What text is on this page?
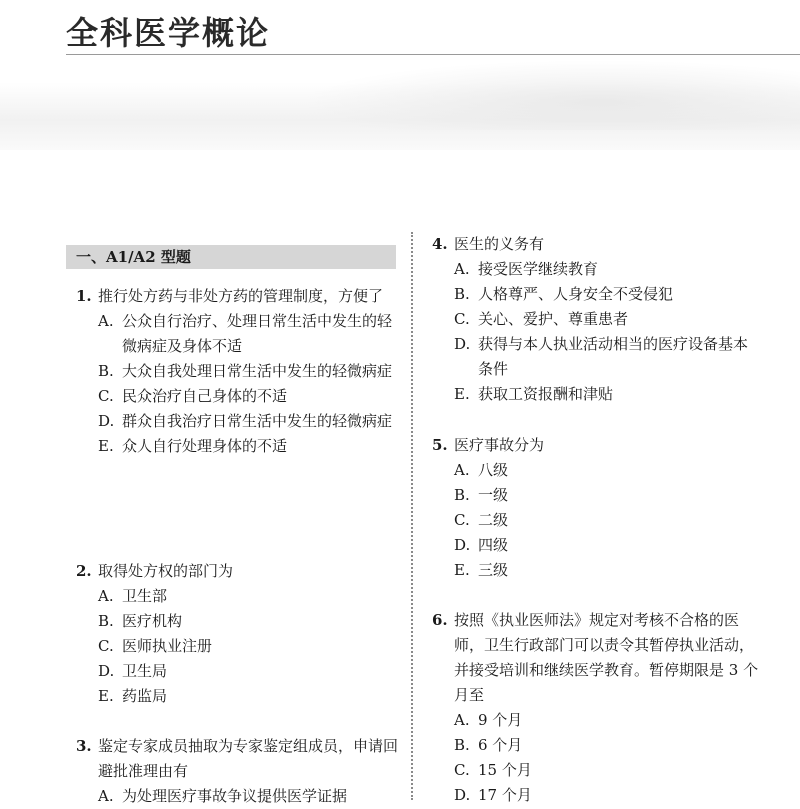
全科医学概论
一、A1/A2 型题

1. 推行处方药与非处方药的管理制度，方便了

A. 公众自行治疗、处理日常生活中发生的轻微病症及身体不适
B. 大众自我处理日常生活中发生的轻微病症
C. 民众治疗自己身体的不适
D. 群众自我治疗日常生活中发生的轻微病症
E. 众人自行处理身体的不适

2. 取得处方权的部门为

A. 卫生部
B. 医疗机构
C. 医师执业注册
D. 卫生局
E. 药监局

3. 鉴定专家成员抽取为专家鉴定组成员，申请回避批准理由有

A. 为处理医疗事故争议提供医学证据

4. 医生的义务有

A. 接受医学继续教育
B. 人格尊严、人身安全不受侵犯
C. 关心、爱护、尊重患者
D. 获得与本人执业活动相当的医疗设备基本条件
E. 获取工资报酬和津贴

5. 医疗事故分为

A. 八级
B. 一级
C. 二级
D. 四级
E. 三级

6. 按照《执业医师法》规定对考核不合格的医师，卫生行政部门可以责令其暂停执业活动，并接受培训和继续医学教育。暂停期限是 3 个月至

A. 9 个月
B. 6 个月
C. 15 个月
D. 17 个月
